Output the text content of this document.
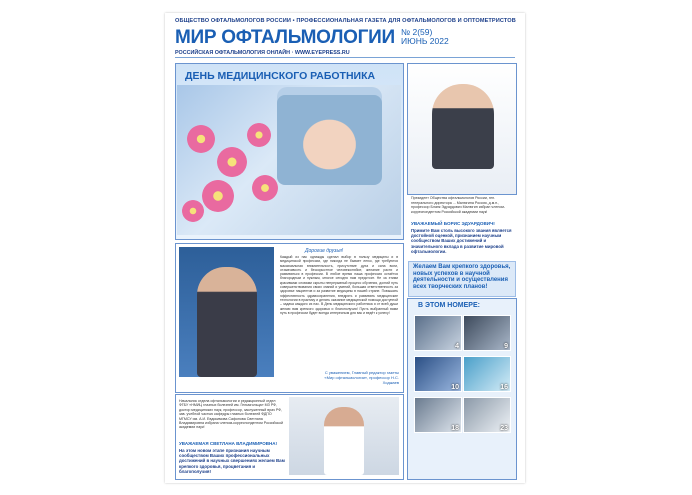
ОБЩЕСТВО ОФТАЛЬМОЛОГОВ РОССИИ • ПРОФЕССИОНАЛЬНАЯ ГАЗЕТА ДЛЯ ОФТАЛЬМОЛОГОВ И ОПТОМЕТРИСТОВ
МИР ОФТАЛЬМОЛОГИИ № 2(59)
ИЮНЬ 2022
РОССИЙСКАЯ ОФТАЛЬМОЛОГИЯ ОНЛАЙН · WWW.EYEPRESS.RU
ДЕНЬ МЕДИЦИНСКОГО РАБОТНИКА
Президент Общества офтальмологов России, ген. генерального директора ... Малюгина Россия, д.м.н., профессор Бланк Эдуардович Малюгин избран членом-корреспондентом Российской академии наук!
УВАЖАЕМЫЙ БОРИС ЭДУАРДОВИЧ!
Примите Вам столь высокого звания является достойной оценкой, признанием научным сообществом Ваших достижений и значительного вклада в развитие мировой офтальмологии.
Желаем Вам крепкого здоровья, новых успехов в научной деятельности и осуществления всех творческих планов!
В ЭТОМ НОМЕРЕ:
4	9
10	16
18	23
Дорогие друзья!
Каждый из нас однажды сделал выбор в пользу медицины и в медицинской профессии, где никогда не бывает легко, где требуются максимальная внимательность, присутствие духа и сила воли, отзывчивость и бескорыстное человеколюбие, желание расти и развиваться в профессии. В любое время наша профессия остаётся благородным и нужным, многое сегодня нам предстоит. Не за этими красивыми словами скрыты непрерывный процесс обучения, долгий путь совершенствования своих знаний и умений, большая ответственность за здоровье пациентов и за развитие медицины в нашей стране. Повышать эффективность здравоохранения, внедрять и развивать медицинские технологии в практику и делать оказание медицинской помощи доступной – задача каждого из нас. В День медицинского работника я от всей души желаю вам крепкого здоровья и благополучия! Пусть выбранный вами путь в профессии будет всегда интересным для вас и ведёт к успеху!
С уважением, Главный редактор газеты «Мир офтальмологии», профессор Н.С. Ходжаев
Начальник отдела офтальмологии и редакционный отдел ФГБУ «НМИЦ глазных болезней им. Гельмгольца» МЗ РФ, доктор медицинских наук, профессор, заслуженный врач РФ, зав. учебной частью кафедры глазных болезней ФДПО МГМСУ им. А.И. Евдокимова Сафонова Светлана Владимировна избрана членом-корреспондентом Российской академии наук!
УВАЖАЕМАЯ СВЕТЛАНА ВЛАДИМИРОВНА!
На этом новом этапе признания научным сообществом Ваших профессиональных достижений в научных свершениях желаем Вам крепкого здоровья, процветания и благополучия!
